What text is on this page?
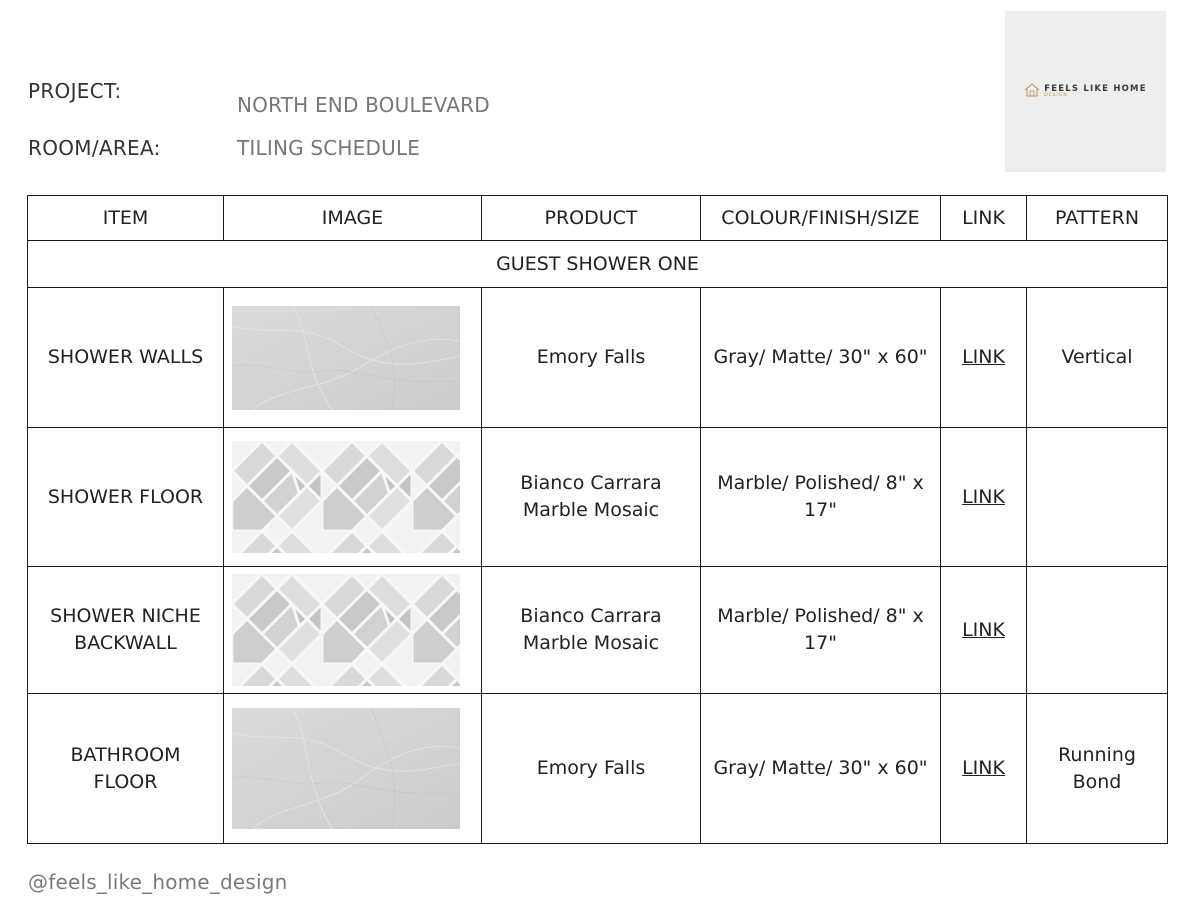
PROJECT:
NORTH END BOULEVARD
ROOM/AREA:	TILING SCHEDULE
FEELS LIKE HOME
DESIGN
ITEM	IMAGE	PRODUCT	COLOUR/FINISH/SIZE	LINK	PATTERN
GUEST SHOWER ONE					
SHOWER WALLS		Emory Falls	Gray/ Matte/ 30" x 60"	LINK	Vertical
SHOWER FLOOR		Bianco Carrara Marble Mosaic	Marble/ Polished/ 8" x 17"	LINK	
SHOWER NICHE BACKWALL		Bianco Carrara Marble Mosaic	Marble/ Polished/ 8" x 17"	LINK	
BATHROOM FLOOR		Emory Falls	Gray/ Matte/ 30" x 60"	LINK	Running Bond
@feels_like_home_design
